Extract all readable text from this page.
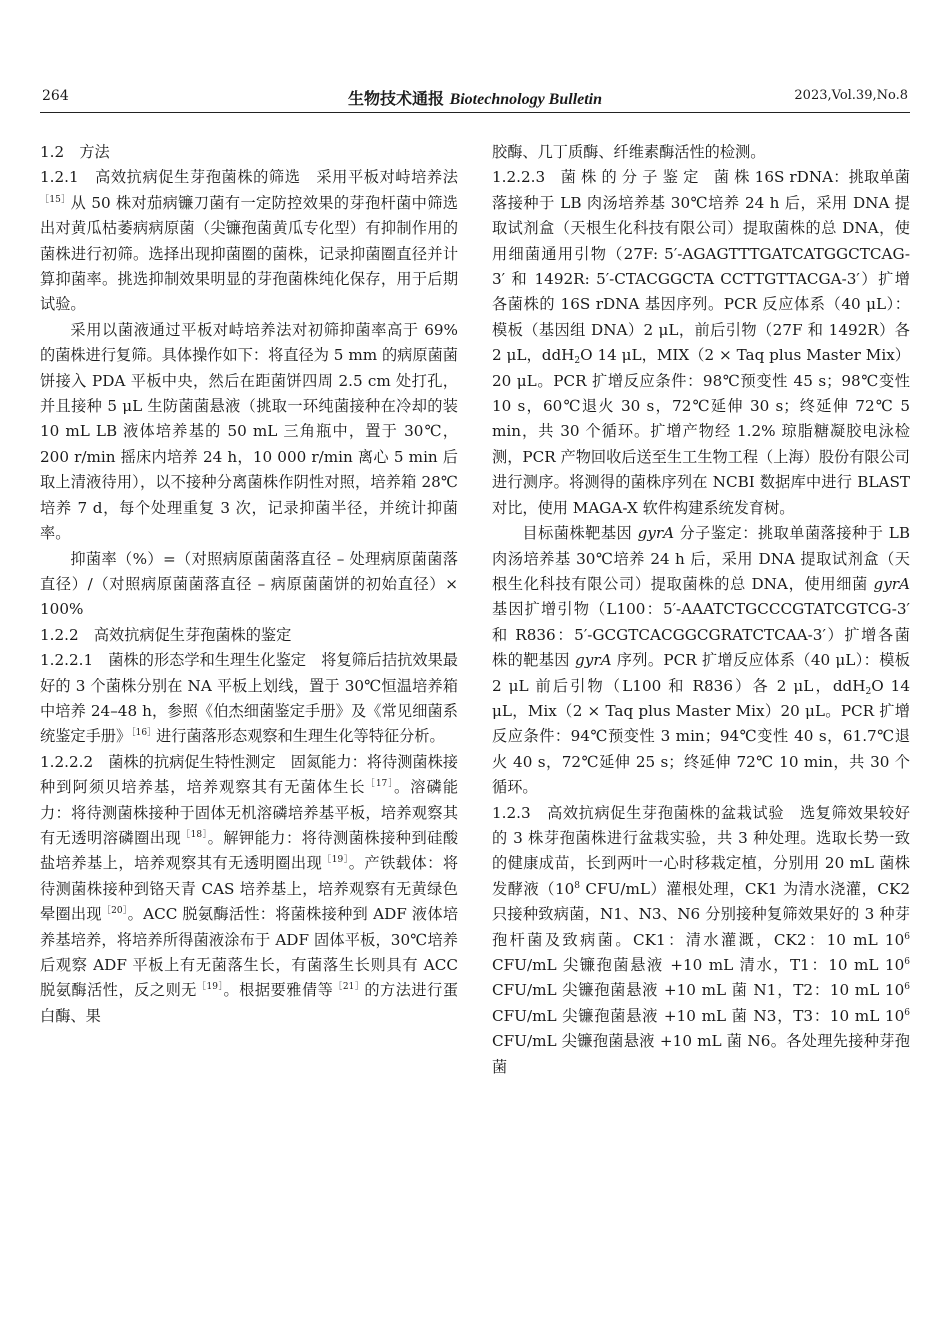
264	生物技术通报 Biotechnology Bulletin	2023,Vol.39,No.8

1.2　方法

1.2.1　高效抗病促生芽孢菌株的筛选　采用平板对峙培养法$^{[15]}$从 50 株对茄病镰刀菌有一定防控效果的芽孢杆菌中筛选出对黄瓜枯萎病病原菌（尖镰孢菌黄瓜专化型）有抑制作用的菌株进行初筛。选择出现抑菌圈的菌株，记录抑菌圈直径并计算抑菌率。挑选抑制效果明显的芽孢菌株纯化保存，用于后期试验。

采用以菌液通过平板对峙培养法对初筛抑菌率高于 69% 的菌株进行复筛。具体操作如下：将直径为 5 mm 的病原菌菌饼接入 PDA 平板中央，然后在距菌饼四周 2.5 cm 处打孔，并且接种 5 μL 生防菌菌悬液（挑取一环纯菌接种在冷却的装 10 mL LB 液体培养基的 50 mL 三角瓶中，置于 30℃，200 r/min 摇床内培养 24 h，10 000 r/min 离心 5 min 后取上清液待用），以不接种分离菌株作阴性对照，培养箱 28℃培养 7 d，每个处理重复 3 次，记录抑菌半径，并统计抑菌率。

抑菌率（%）=（对照病原菌菌落直径 – 处理病原菌菌落直径）/（对照病原菌菌落直径 – 病原菌菌饼的初始直径）× 100%

1.2.2　高效抗病促生芽孢菌株的鉴定

1.2.2.1　菌株的形态学和生理生化鉴定　将复筛后拮抗效果最好的 3 个菌株分别在 NA 平板上划线，置于 30℃恒温培养箱中培养 24–48 h，参照《伯杰细菌鉴定手册》及《常见细菌系统鉴定手册》$^{[16]}$进行菌落形态观察和生理生化等特征分析。

1.2.2.2　菌株的抗病促生特性测定　固氮能力：将待测菌株接种到阿须贝培养基，培养观察其有无菌体生长$^{[17]}$。溶磷能力：将待测菌株接种于固体无机溶磷培养基平板，培养观察其有无透明溶磷圈出现$^{[18]}$。解钾能力：将待测菌株接种到硅酸盐培养基上，培养观察其有无透明圈出现$^{[19]}$。产铁载体：将待测菌株接种到铬天青 CAS 培养基上，培养观察有无黄绿色晕圈出现$^{[20]}$。ACC 脱氨酶活性：将菌株接种到 ADF 液体培养基培养，将培养所得菌液涂布于 ADF 固体平板，30℃培养后观察 ADF 平板上有无菌落生长，有菌落生长则具有 ACC 脱氨酶活性，反之则无$^{[19]}$。根据要雅倩等$^{[21]}$的方法进行蛋白酶、果

胶酶、几丁质酶、纤维素酶活性的检测。

1.2.2.3　菌 株 的 分 子 鉴 定　菌 株 16S rDNA：挑取单菌落接种于 LB 肉汤培养基 30℃培养 24 h 后，采用 DNA 提取试剂盒（天根生化科技有限公司）提取菌株的总 DNA，使用细菌通用引物（27F: 5′-AGAGTTTGATCATGGCTCAG-3′ 和 1492R: 5′-CTACGGCTA CCTTGTTACGA-3′）扩增各菌株的 16S rDNA 基因序列。PCR 反应体系（40 μL）：模板（基因组 DNA）2 μL，前后引物（27F 和 1492R）各 2 μL，ddH$_2$O 14 μL，MIX（2 × Taq plus Master Mix）20 μL。PCR 扩增反应条件：98℃预变性 45 s；98℃变性 10 s，60℃退火 30 s，72℃延伸 30 s；终延伸 72℃ 5 min，共 30 个循环。扩增产物经 1.2% 琼脂糖凝胶电泳检测，PCR 产物回收后送至生工生物工程（上海）股份有限公司进行测序。将测得的菌株序列在 NCBI 数据库中进行 BLAST 对比，使用 MAGA-X 软件构建系统发育树。

目标菌株靶基因 gyrA 分子鉴定：挑取单菌落接种于 LB 肉汤培养基 30℃培养 24 h 后，采用 DNA 提取试剂盒（天根生化科技有限公司）提取菌株的总 DNA，使用细菌 gyrA 基因扩增引物（L100：5′-AAATCTGCCCGTATCGTCG-3′ 和 R836：5′-GCGTCACGGCGRATCTCAA-3′）扩增各菌株的靶基因 gyrA 序列。PCR 扩增反应体系（40 μL）：模板 2 μL 前后引物（L100 和 R836）各 2 μL，ddH$_2$O 14 μL，Mix（2 × Taq plus Master Mix）20 μL。PCR 扩增反应条件：94℃预变性 3 min；94℃变性 40 s，61.7℃退火 40 s，72℃延伸 25 s；终延伸 72℃ 10 min，共 30 个循环。

1.2.3　高效抗病促生芽孢菌株的盆栽试验　选复筛效果较好的 3 株芽孢菌株进行盆栽实验，共 3 种处理。选取长势一致的健康成苗，长到两叶一心时移栽定植，分别用 20 mL 菌株发酵液（$10^8$ CFU/mL）灌根处理，CK1 为清水浇灌，CK2 只接种致病菌，N1、N3、N6 分别接种复筛效果好的 3 种芽孢杆菌及致病菌。CK1：清水灌溉，CK2：10 mL $10^6$ CFU/mL 尖镰孢菌悬液 +10 mL 清水，T1：10 mL $10^6$ CFU/mL 尖镰孢菌悬液 +10 mL 菌 N1，T2：10 mL $10^6$ CFU/mL 尖镰孢菌悬液 +10 mL 菌 N3，T3：10 mL $10^6$ CFU/mL 尖镰孢菌悬液 +10 mL 菌 N6。各处理先接种芽孢菌
